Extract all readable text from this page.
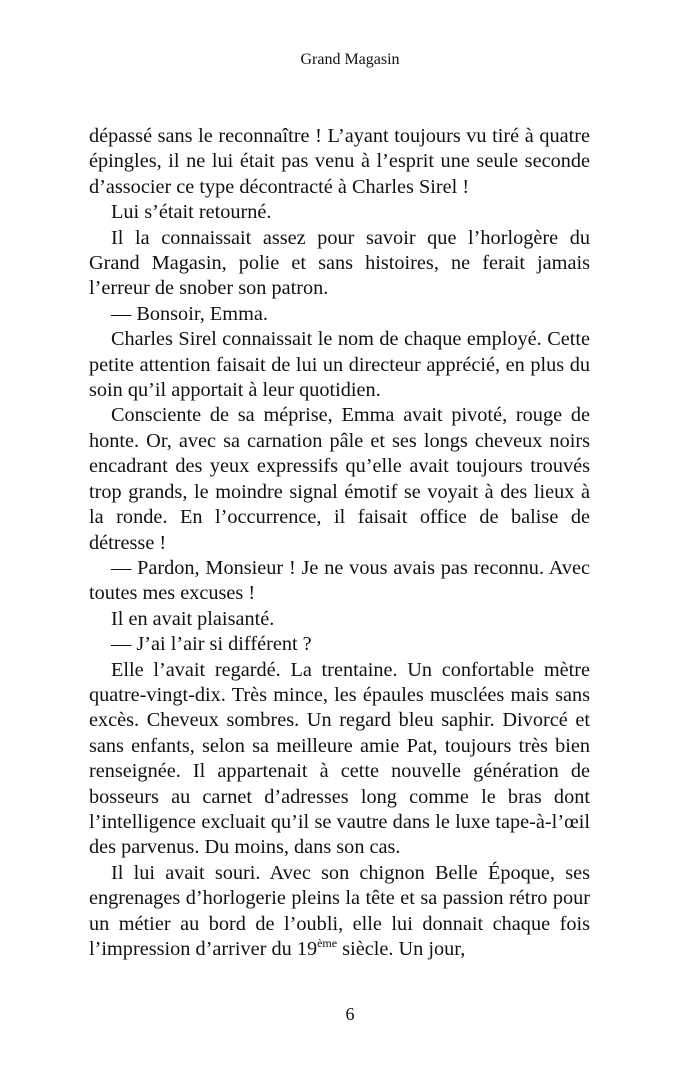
Grand Magasin

dépassé sans le reconnaître ! L’ayant toujours vu tiré à quatre épingles, il ne lui était pas venu à l’esprit une seule seconde d’associer ce type décontracté à Charles Sirel !

Lui s’était retourné.

Il la connaissait assez pour savoir que l’horlogère du Grand Magasin, polie et sans histoires, ne ferait jamais l’erreur de snober son patron.

— Bonsoir, Emma.

Charles Sirel connaissait le nom de chaque employé. Cette petite attention faisait de lui un directeur apprécié, en plus du soin qu’il apportait à leur quotidien.

Consciente de sa méprise, Emma avait pivoté, rouge de honte. Or, avec sa carnation pâle et ses longs cheveux noirs encadrant des yeux expressifs qu’elle avait toujours trouvés trop grands, le moindre signal émotif se voyait à des lieux à la ronde. En l’occurrence, il faisait office de balise de détresse !

— Pardon, Monsieur ! Je ne vous avais pas reconnu. Avec toutes mes excuses !

Il en avait plaisanté.

— J’ai l’air si différent ?

Elle l’avait regardé. La trentaine. Un confortable mètre quatre-vingt-dix. Très mince, les épaules musclées mais sans excès. Cheveux sombres. Un regard bleu saphir. Divorcé et sans enfants, selon sa meilleure amie Pat, toujours très bien renseignée. Il appartenait à cette nouvelle génération de bosseurs au carnet d’adresses long comme le bras dont l’intelligence excluait qu’il se vautre dans le luxe tape-à-l’œil des parvenus. Du moins, dans son cas.

Il lui avait souri. Avec son chignon Belle Époque, ses engrenages d’horlogerie pleins la tête et sa passion rétro pour un métier au bord de l’oubli, elle lui donnait chaque fois l’impression d’arriver du 19ème siècle. Un jour,

6
